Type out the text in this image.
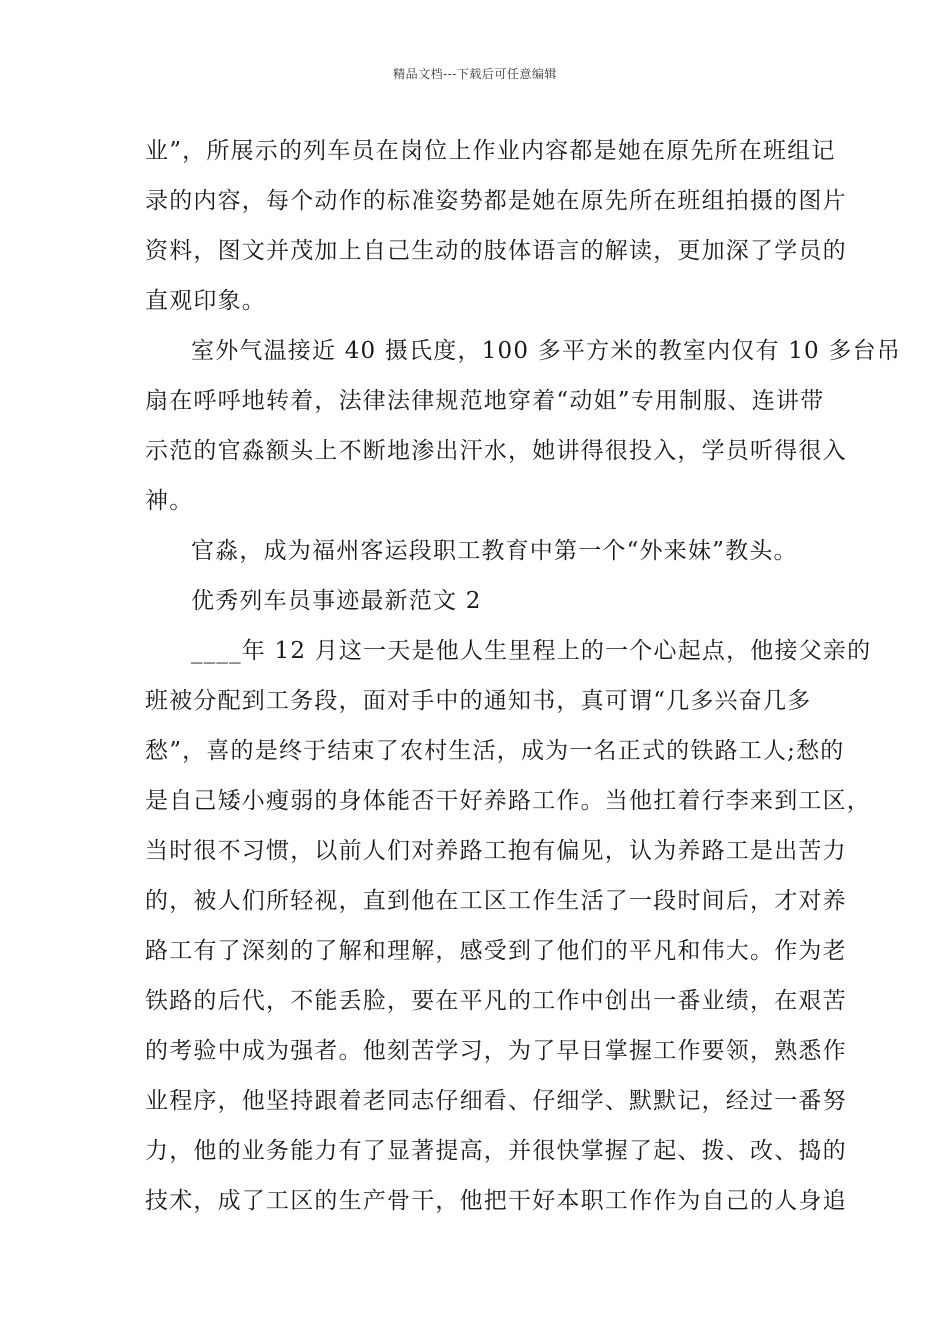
精品文档---下载后可任意编辑
业”，所展示的列车员在岗位上作业内容都是她在原先所在班组记
录的内容，每个动作的标准姿势都是她在原先所在班组拍摄的图片
资料，图文并茂加上自己生动的肢体语言的解读，更加深了学员的
直观印象。
室外气温接近 40 摄氏度，100 多平方米的教室内仅有 10 多台吊
扇在呼呼地转着，法律法律规范地穿着“动姐”专用制服、连讲带
示范的官淼额头上不断地渗出汗水，她讲得很投入，学员听得很入
神。
官淼，成为福州客运段职工教育中第一个“外来妹”教头。
优秀列车员事迹最新范文 2
____年 12 月这一天是他人生里程上的一个心起点，他接父亲的
班被分配到工务段，面对手中的通知书，真可谓“几多兴奋几多
愁”，喜的是终于结束了农村生活，成为一名正式的铁路工人;愁的
是自己矮小瘦弱的身体能否干好养路工作。当他扛着行李来到工区，
当时很不习惯，以前人们对养路工抱有偏见，认为养路工是出苦力
的，被人们所轻视，直到他在工区工作生活了一段时间后，才对养
路工有了深刻的了解和理解，感受到了他们的平凡和伟大。作为老
铁路的后代，不能丢脸，要在平凡的工作中创出一番业绩，在艰苦
的考验中成为强者。他刻苦学习，为了早日掌握工作要领，熟悉作
业程序，他坚持跟着老同志仔细看、仔细学、默默记，经过一番努
力，他的业务能力有了显著提高，并很快掌握了起、拨、改、捣的
技术，成了工区的生产骨干，他把干好本职工作作为自己的人身追
